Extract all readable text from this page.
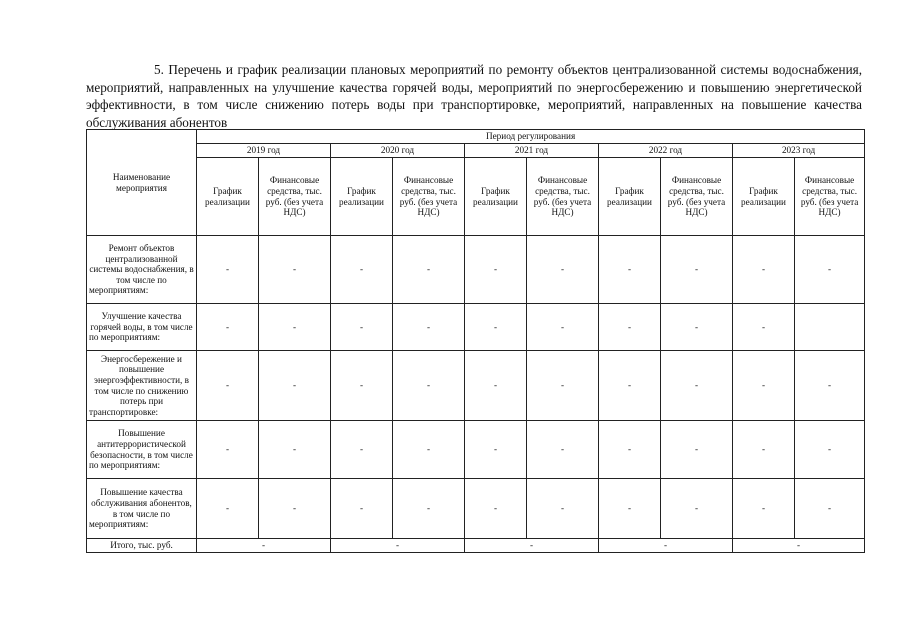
5. Перечень и график реализации плановых мероприятий по ремонту объектов централизованной системы водоснабжения, мероприятий, направленных на улучшение качества горячей воды, мероприятий по энергосбережению и повышению энергетической эффективности, в том числе снижению потерь воды при транспортировке, мероприятий, направленных на повышение качества обслуживания абонентов

Наименование мероприятия	Период регулирования									
	2019 год		2020 год		2021 год		2022 год		2023 год	
	График реализации	Финансовые средства, тыс. руб. (без учета НДС)	График реализации	Финансовые средства, тыс. руб. (без учета НДС)	График реализации	Финансовые средства, тыс. руб. (без учета НДС)	График реализации	Финансовые средства, тыс. руб. (без учета НДС)	График реализации	Финансовые средства, тыс. руб. (без учета НДС)
Ремонт объектов централизованной системы водоснабжения, в том числе по мероприятиям:	-	-	-	-	-	-	-	-	-	-
Улучшение качества горячей воды, в том числе по мероприятиям:	-	-	-	-	-	-	-	-	-	
Энергосбережение и повышение энергоэффективности, в том числе по снижению потерь при транспортировке:	-	-	-	-	-	-	-	-	-	-
Повышение антитеррористической безопасности, в том числе по мероприятиям:	-	-	-	-	-	-	-	-	-	-
Повышение качества обслуживания абонентов, в том числе по мероприятиям:	-	-	-	-	-	-	-	-	-	-
Итого, тыс. руб.	-		-		-		-		-	
